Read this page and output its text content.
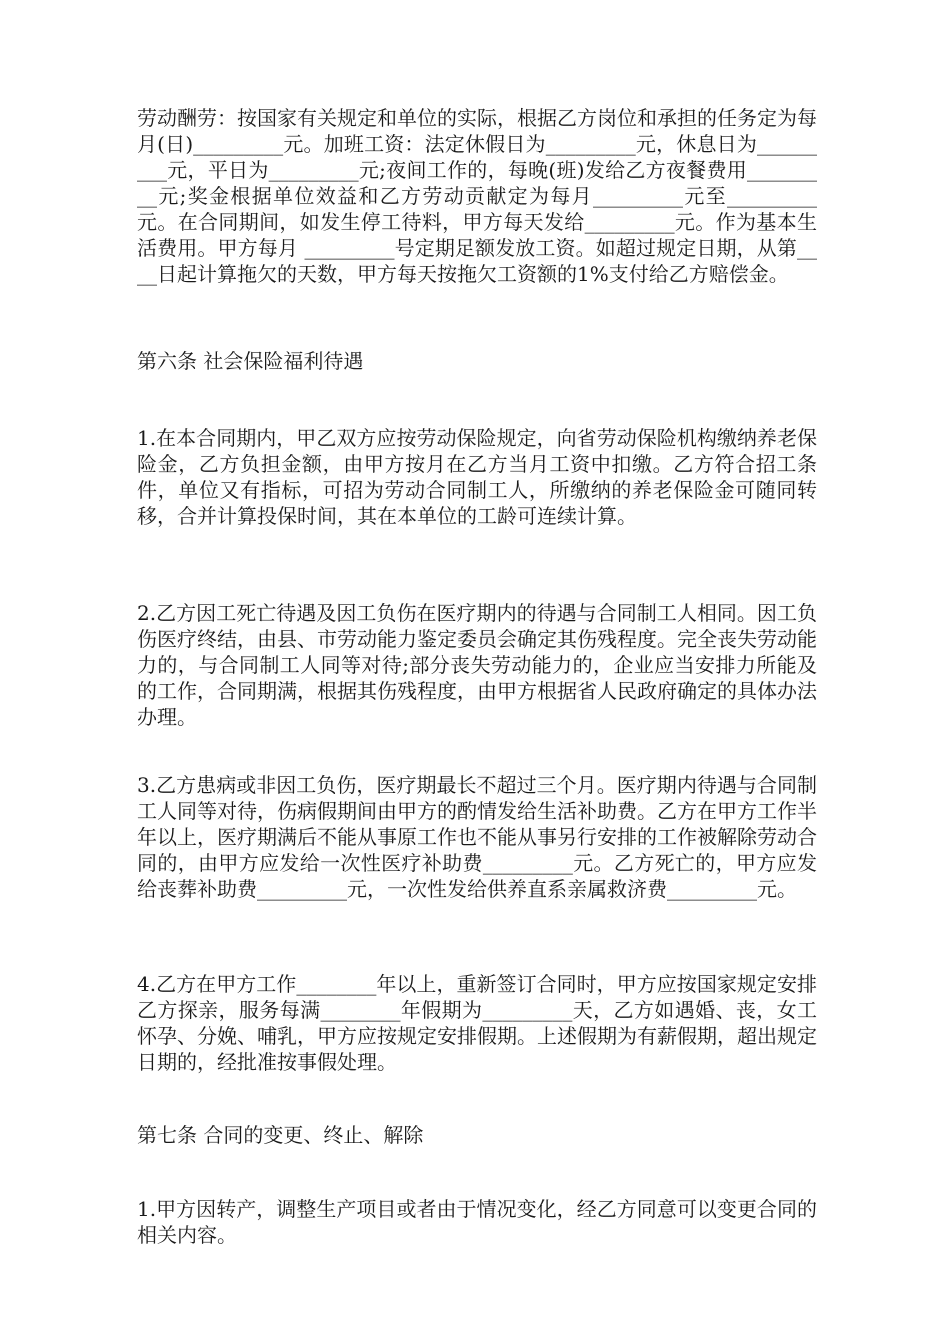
劳动酬劳：按国家有关规定和单位的实际，根据乙方岗位和承担的任务定为每月(日)_________元。加班工资：法定休假日为_________元，休息日为_________元，平日为_________元;夜间工作的，每晚(班)发给乙方夜餐费用_________元;奖金根据单位效益和乙方劳动贡献定为每月_________元至_________元。在合同期间，如发生停工待料，甲方每天发给_________元。作为基本生活费用。甲方每月 _________号定期足额发放工资。如超过规定日期，从第____日起计算拖欠的天数，甲方每天按拖欠工资额的1%支付给乙方赔偿金。
第六条 社会保险福利待遇
1.在本合同期内，甲乙双方应按劳动保险规定，向省劳动保险机构缴纳养老保险金，乙方负担金额，由甲方按月在乙方当月工资中扣缴。乙方符合招工条件，单位又有指标，可招为劳动合同制工人，所缴纳的养老保险金可随同转移，合并计算投保时间，其在本单位的工龄可连续计算。
2.乙方因工死亡待遇及因工负伤在医疗期内的待遇与合同制工人相同。因工负伤医疗终结，由县、市劳动能力鉴定委员会确定其伤残程度。完全丧失劳动能力的，与合同制工人同等对待;部分丧失劳动能力的，企业应当安排力所能及的工作，合同期满，根据其伤残程度，由甲方根据省人民政府确定的具体办法办理。
3.乙方患病或非因工负伤，医疗期最长不超过三个月。医疗期内待遇与合同制工人同等对待，伤病假期间由甲方的酌情发给生活补助费。乙方在甲方工作半年以上，医疗期满后不能从事原工作也不能从事另行安排的工作被解除劳动合同的，由甲方应发给一次性医疗补助费_________元。乙方死亡的，甲方应发给丧葬补助费_________元，一次性发给供养直系亲属救济费_________元。
4.乙方在甲方工作________年以上，重新签订合同时，甲方应按国家规定安排乙方探亲，服务每满________年假期为_________天，乙方如遇婚、丧，女工怀孕、分娩、哺乳，甲方应按规定安排假期。上述假期为有薪假期，超出规定日期的，经批准按事假处理。
第七条 合同的变更、终止、解除
1.甲方因转产，调整生产项目或者由于情况变化，经乙方同意可以变更合同的相关内容。
